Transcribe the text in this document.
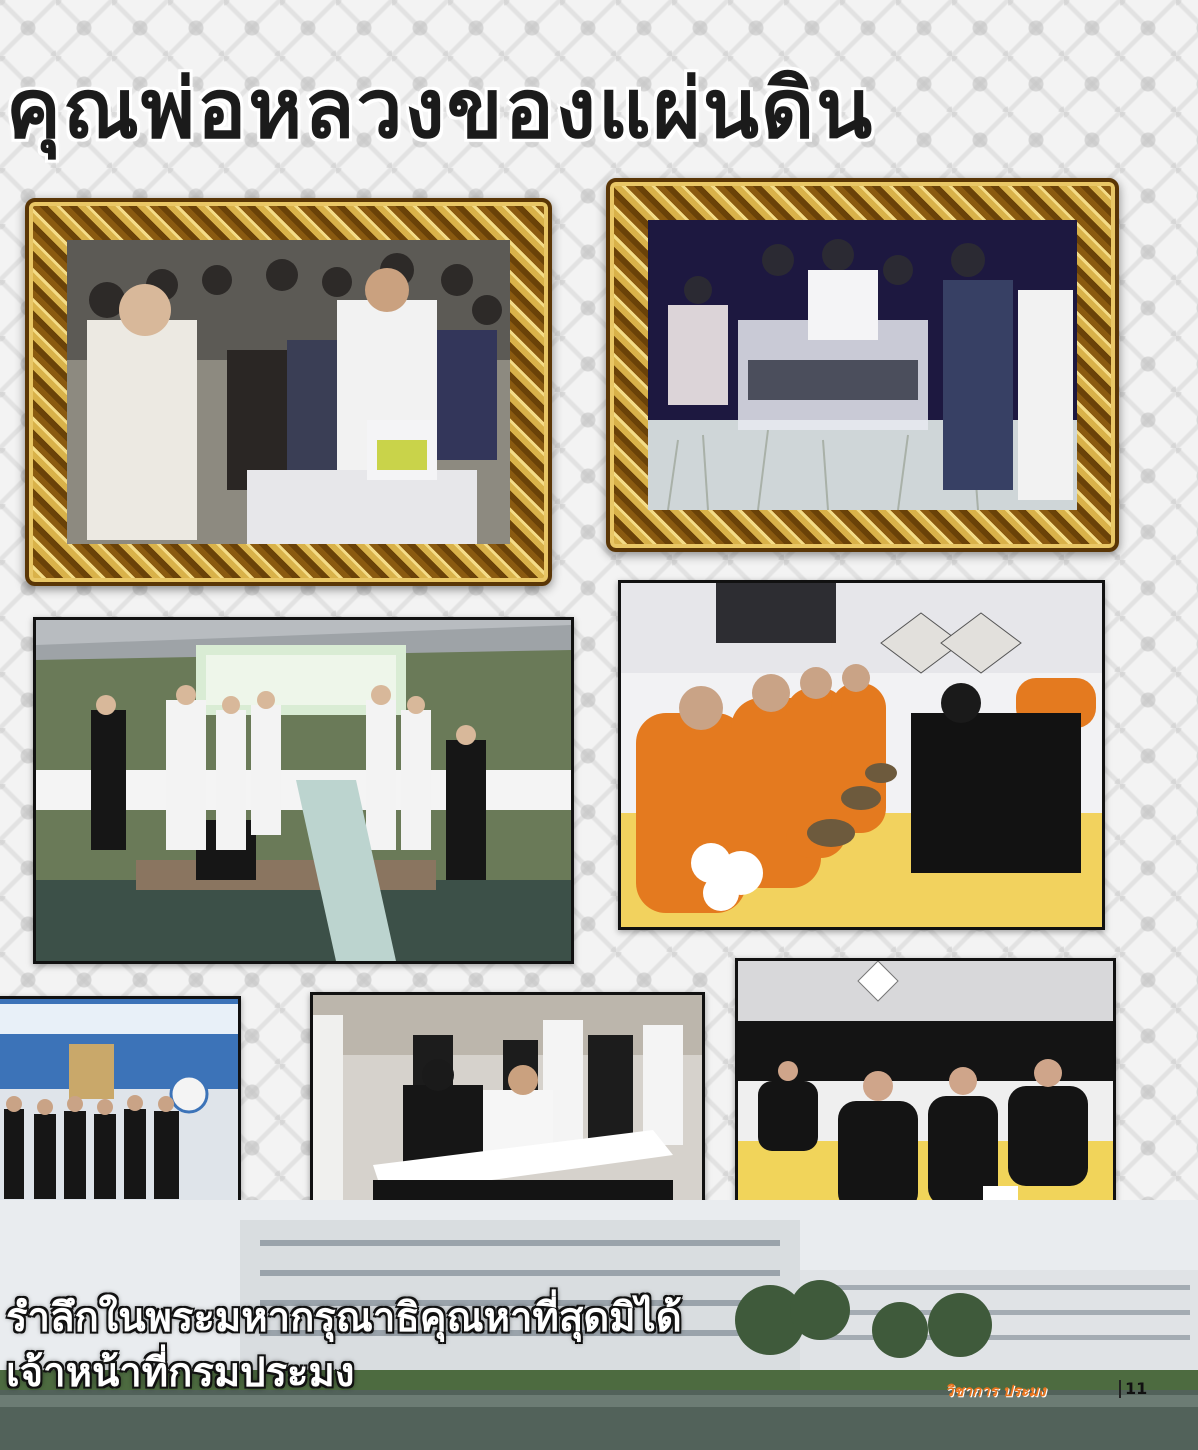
คุณพ่อหลวงของแผ่นดิน
รำลึกในพระมหากรุณาธิคุณหาที่สุดมิได้
เจ้าหน้าที่กรมประมง	วิชาการ ประมง	11
